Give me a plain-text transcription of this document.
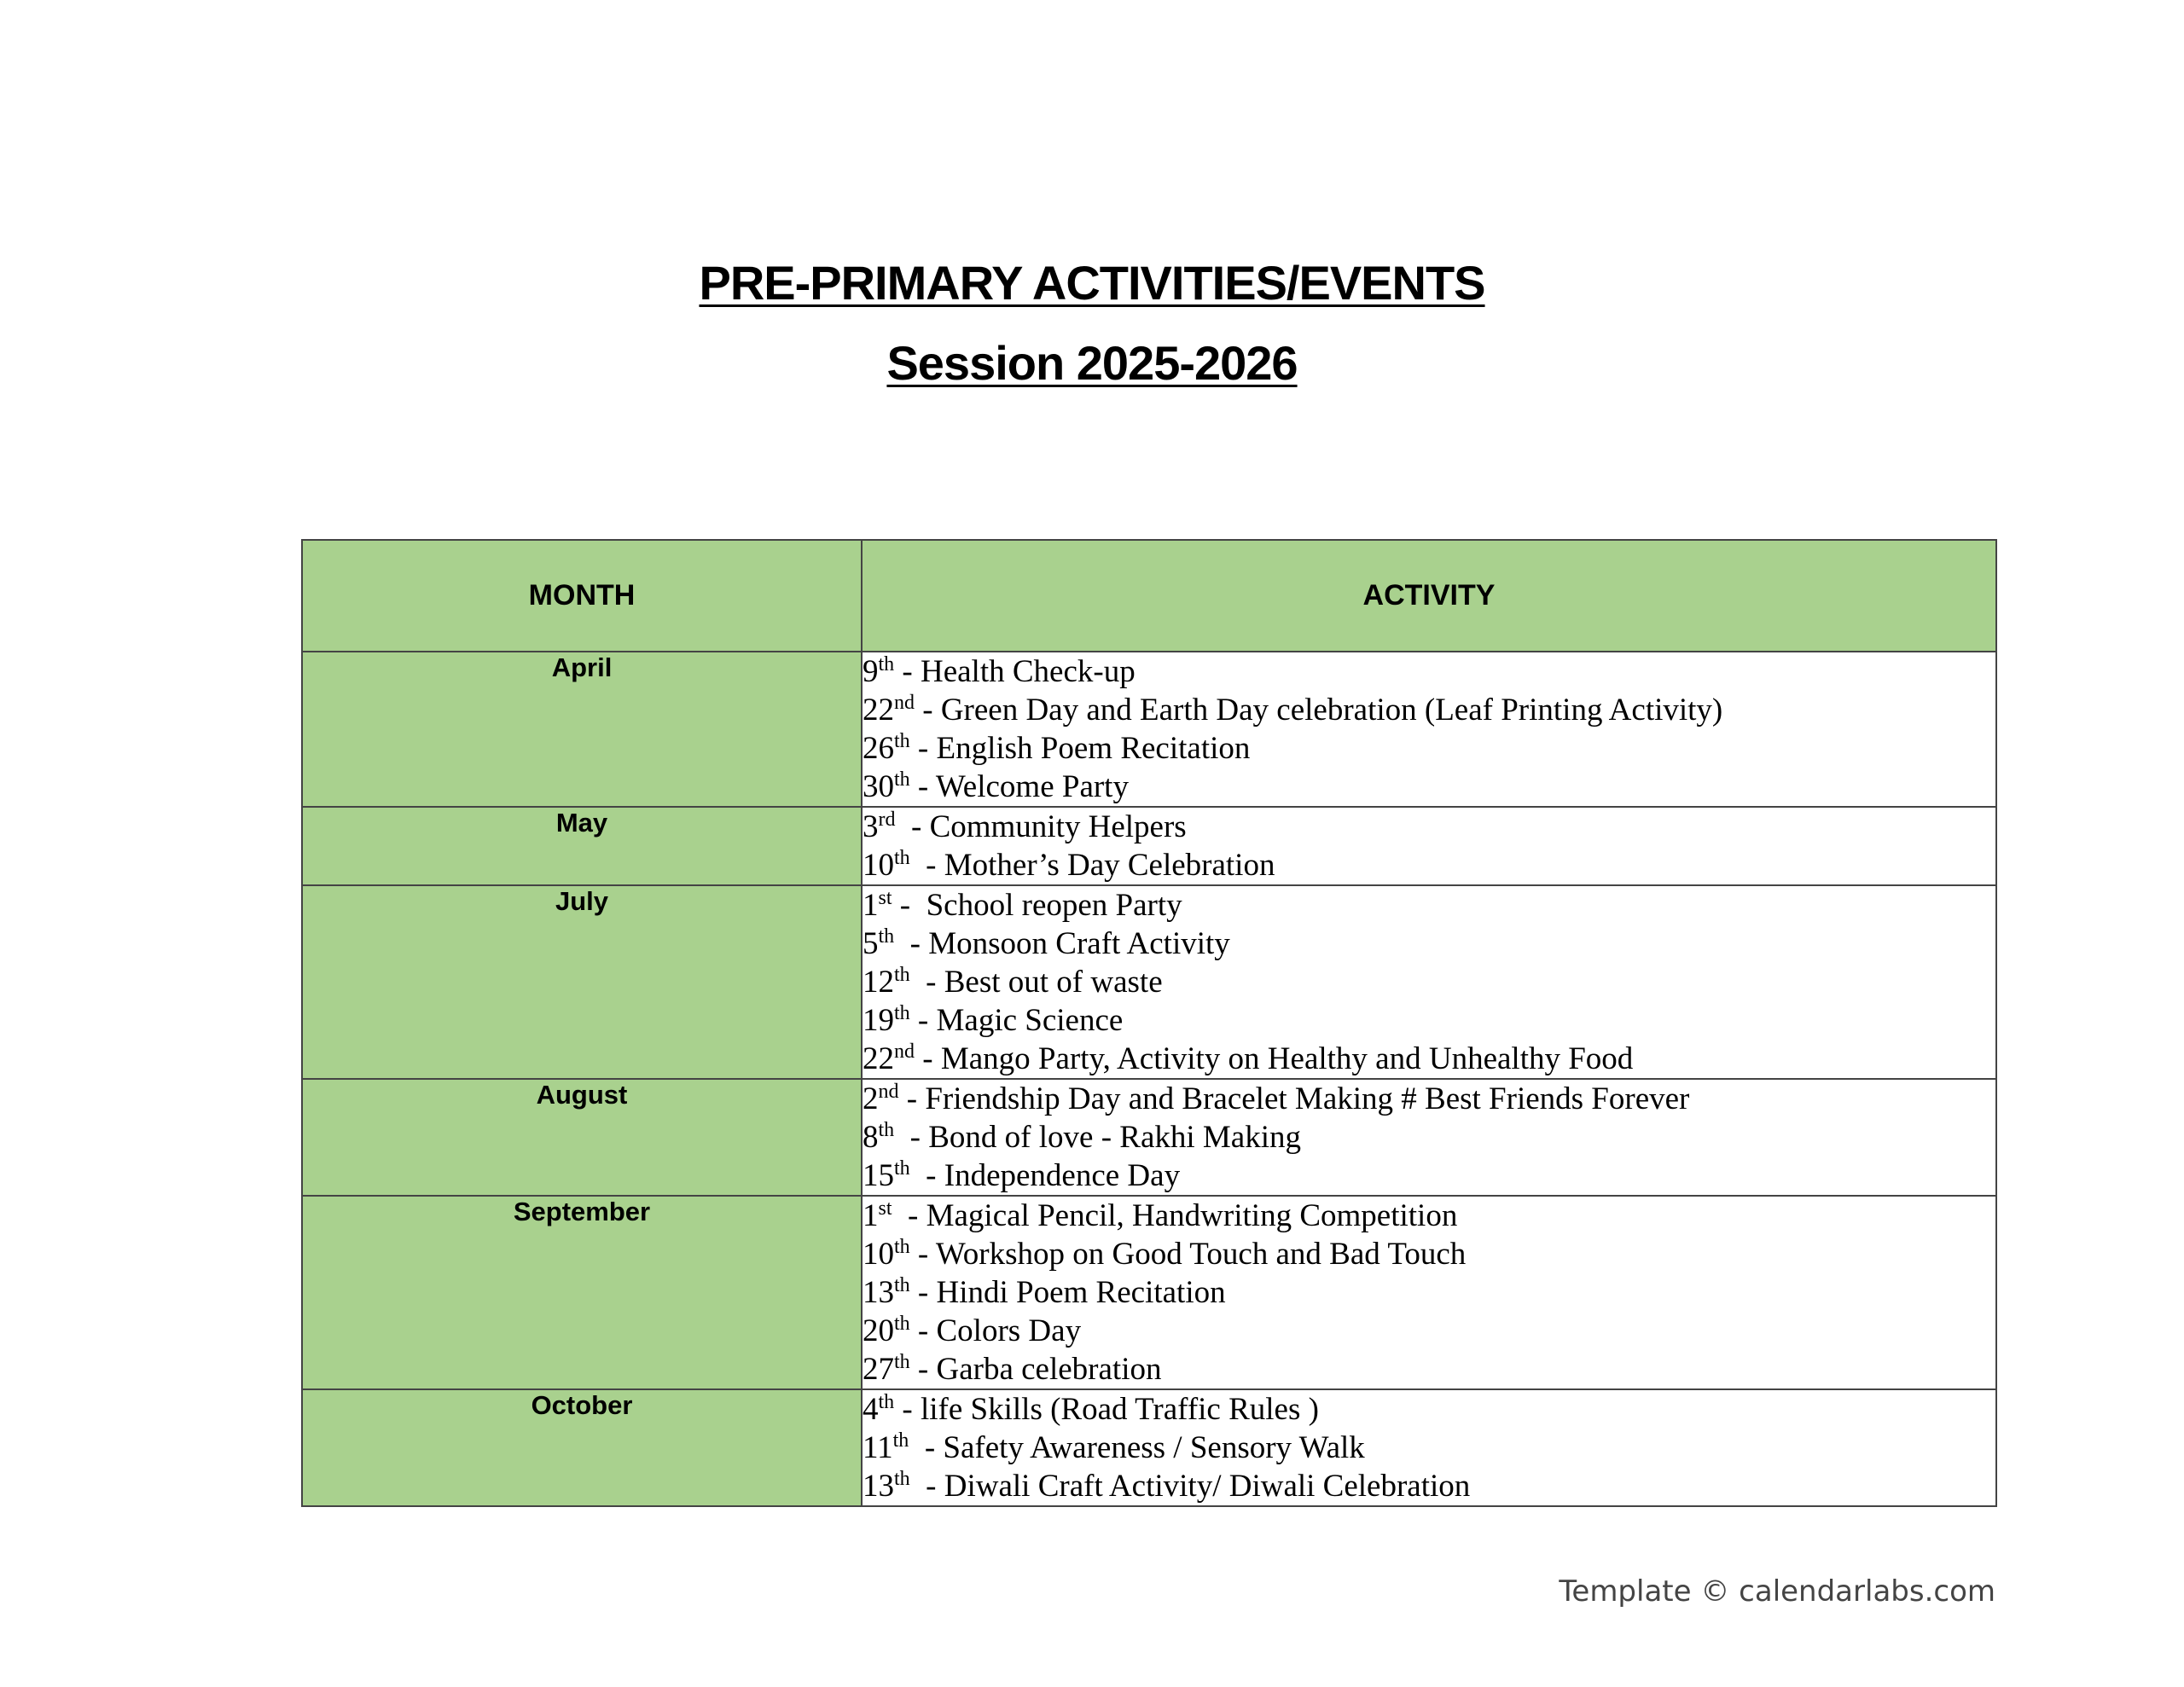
PRE-PRIMARY ACTIVITIES/EVENTS
Session 2025-2026
MONTH	ACTIVITY
April	9th - Health Check-up
22nd - Green Day and Earth Day celebration (Leaf Printing Activity)
26th - English Poem Recitation
30th - Welcome Party

May	3rd  - Community Helpers
10th  - Mother’s Day Celebration

July	1st -  School reopen Party
5th  - Monsoon Craft Activity
12th  - Best out of waste
19th - Magic Science
22nd - Mango Party, Activity on Healthy and Unhealthy Food

August	2nd - Friendship Day and Bracelet Making # Best Friends Forever
8th  - Bond of love - Rakhi Making
15th  - Independence Day

September	1st  - Magical Pencil, Handwriting Competition
10th - Workshop on Good Touch and Bad Touch
13th - Hindi Poem Recitation
20th - Colors Day
27th - Garba celebration

October	4th - life Skills (Road Traffic Rules )
11th  - Safety Awareness / Sensory Walk
13th  - Diwali Craft Activity/ Diwali Celebration
Template © calendarlabs.com
